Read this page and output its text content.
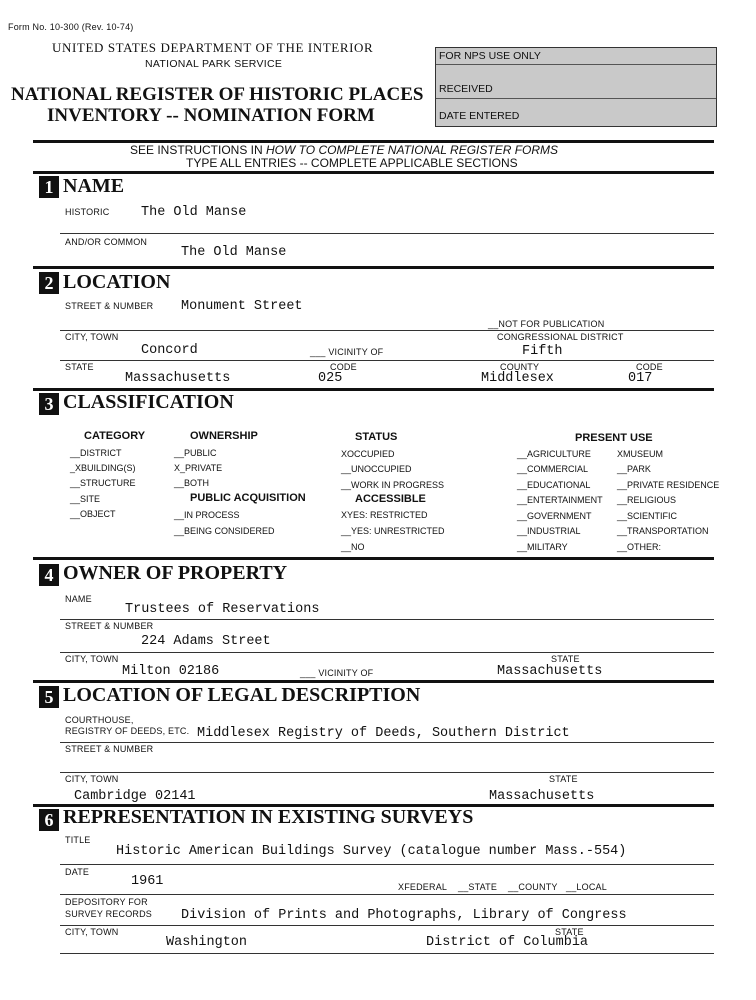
Form No. 10-300 (Rev. 10-74)
UNITED STATES DEPARTMENT OF THE INTERIOR
NATIONAL PARK SERVICE
NATIONAL REGISTER OF HISTORIC PLACES
INVENTORY -- NOMINATION FORM
FOR NPS USE ONLY
RECEIVED
DATE ENTERED
SEE INSTRUCTIONS IN HOW TO COMPLETE NATIONAL REGISTER FORMS
TYPE ALL ENTRIES -- COMPLETE APPLICABLE SECTIONS
1 NAME
HISTORIC The Old Manse
AND/OR COMMON
The Old Manse
2 LOCATION
STREET & NUMBER Monument Street
__NOT FOR PUBLICATION
CITY, TOWN	CONGRESSIONAL DISTRICT
Concord	___ VICINITY OF	Fifth
STATE	CODE	COUNTY	CODE
Massachusetts	025	Middlesex	017
3 CLASSIFICATION
CATEGORY
__DISTRICT
_XBUILDING(S)
__STRUCTURE
__SITE
__OBJECT
OWNERSHIP
__PUBLIC
X_PRIVATE
__BOTH
PUBLIC ACQUISITION
__IN PROCESS
__BEING CONSIDERED
STATUS
XOCCUPIED
__UNOCCUPIED
__WORK IN PROGRESS
ACCESSIBLE
XYES: RESTRICTED
__YES: UNRESTRICTED
__NO
PRESENT USE
__AGRICULTURE
__COMMERCIAL
__EDUCATIONAL
__ENTERTAINMENT
__GOVERNMENT
__INDUSTRIAL
__MILITARY
XMUSEUM
__PARK
__PRIVATE RESIDENCE
__RELIGIOUS
__SCIENTIFIC
__TRANSPORTATION
__OTHER:
4 OWNER OF PROPERTY
NAME
Trustees of Reservations
STREET & NUMBER
224 Adams Street
CITY, TOWN	STATE
Milton 02186	___ VICINITY OF	Massachusetts
5 LOCATION OF LEGAL DESCRIPTION
COURTHOUSE,
REGISTRY OF DEEDS, ETC. Middlesex Registry of Deeds, Southern District
STREET & NUMBER
CITY, TOWN	STATE
Cambridge 02141	Massachusetts
6 REPRESENTATION IN EXISTING SURVEYS
TITLE
Historic American Buildings Survey (catalogue number Mass.-554)
DATE
1961	XFEDERAL __STATE __COUNTY __LOCAL
DEPOSITORY FOR
SURVEY RECORDS Division of Prints and Photographs, Library of Congress
CITY, TOWN	STATE
Washington	District of Columbia
